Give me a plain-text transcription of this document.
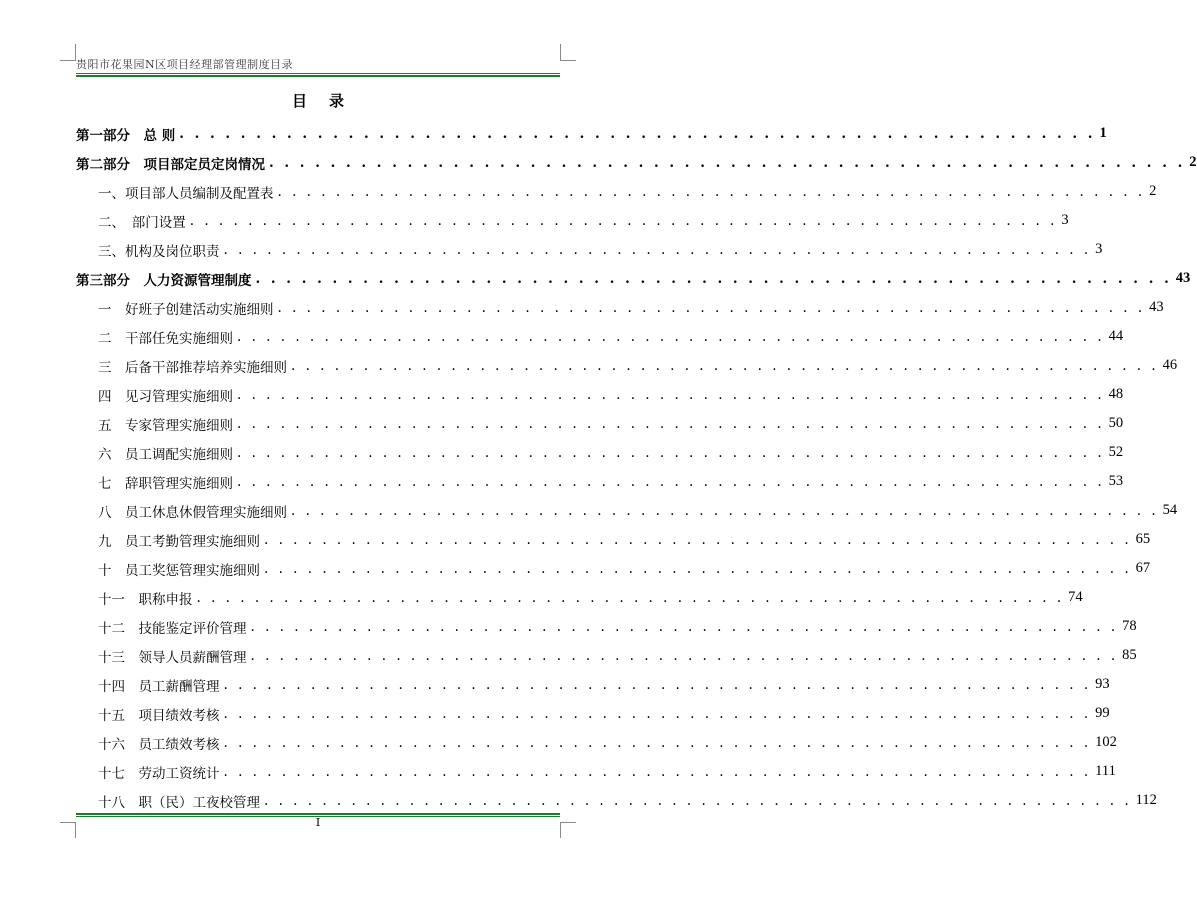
贵阳市花果园N区项目经理部管理制度目录
目录
第一部分　总 则 . . . . . . . . . . . . . . . . . . . . . . . . . . . . . . . . . . . . . . . . . . . . . . . . . . . . . . . . . . . . 1
第二部分　项目部定员定岗情况 . . . . . . . . . . . . . . . . . . . . . . . . . . . . . . . . . . . . . . . . . . . . . . . . . . . . . . . . . . . . 2
一、项目部人员编制及配置表 . . . . . . . . . . . . . . . . . . . . . . . . . . . . . . . . . . . . . . . . . . . . . . . . . . . . . . . . . . . . 2
二、　部门设置 . . . . . . . . . . . . . . . . . . . . . . . . . . . . . . . . . . . . . . . . . . . . . . . . . . . . . . . . . . . . 3
三、机构及岗位职责 . . . . . . . . . . . . . . . . . . . . . . . . . . . . . . . . . . . . . . . . . . . . . . . . . . . . . . . . . . . . 3
第三部分　人力资源管理制度 . . . . . . . . . . . . . . . . . . . . . . . . . . . . . . . . . . . . . . . . . . . . . . . . . . . . . . . . . . . . 43
一　好班子创建活动实施细则 . . . . . . . . . . . . . . . . . . . . . . . . . . . . . . . . . . . . . . . . . . . . . . . . . . . . . . . . . . . . 43
二　干部任免实施细则 . . . . . . . . . . . . . . . . . . . . . . . . . . . . . . . . . . . . . . . . . . . . . . . . . . . . . . . . . . . . 44
三　后备干部推荐培养实施细则 . . . . . . . . . . . . . . . . . . . . . . . . . . . . . . . . . . . . . . . . . . . . . . . . . . . . . . . . . . . . 46
四　见习管理实施细则 . . . . . . . . . . . . . . . . . . . . . . . . . . . . . . . . . . . . . . . . . . . . . . . . . . . . . . . . . . . . 48
五　专家管理实施细则 . . . . . . . . . . . . . . . . . . . . . . . . . . . . . . . . . . . . . . . . . . . . . . . . . . . . . . . . . . . . 50
六　员工调配实施细则 . . . . . . . . . . . . . . . . . . . . . . . . . . . . . . . . . . . . . . . . . . . . . . . . . . . . . . . . . . . . 52
七　辞职管理实施细则 . . . . . . . . . . . . . . . . . . . . . . . . . . . . . . . . . . . . . . . . . . . . . . . . . . . . . . . . . . . . 53
八　员工休息休假管理实施细则 . . . . . . . . . . . . . . . . . . . . . . . . . . . . . . . . . . . . . . . . . . . . . . . . . . . . . . . . . . . . 54
九　员工考勤管理实施细则 . . . . . . . . . . . . . . . . . . . . . . . . . . . . . . . . . . . . . . . . . . . . . . . . . . . . . . . . . . . . 65
十　员工奖惩管理实施细则 . . . . . . . . . . . . . . . . . . . . . . . . . . . . . . . . . . . . . . . . . . . . . . . . . . . . . . . . . . . . 67
十一　职称申报 . . . . . . . . . . . . . . . . . . . . . . . . . . . . . . . . . . . . . . . . . . . . . . . . . . . . . . . . . . . . 74
十二　技能鉴定评价管理 . . . . . . . . . . . . . . . . . . . . . . . . . . . . . . . . . . . . . . . . . . . . . . . . . . . . . . . . . . . . 78
十三　领导人员薪酬管理 . . . . . . . . . . . . . . . . . . . . . . . . . . . . . . . . . . . . . . . . . . . . . . . . . . . . . . . . . . . . 85
十四　员工薪酬管理 . . . . . . . . . . . . . . . . . . . . . . . . . . . . . . . . . . . . . . . . . . . . . . . . . . . . . . . . . . . . 93
十五　项目绩效考核 . . . . . . . . . . . . . . . . . . . . . . . . . . . . . . . . . . . . . . . . . . . . . . . . . . . . . . . . . . . . 99
十六　员工绩效考核 . . . . . . . . . . . . . . . . . . . . . . . . . . . . . . . . . . . . . . . . . . . . . . . . . . . . . . . . . . . . 102
十七　劳动工资统计 . . . . . . . . . . . . . . . . . . . . . . . . . . . . . . . . . . . . . . . . . . . . . . . . . . . . . . . . . . . . 111
十八　职（民）工夜校管理 . . . . . . . . . . . . . . . . . . . . . . . . . . . . . . . . . . . . . . . . . . . . . . . . . . . . . . . . . . . . 112
I
